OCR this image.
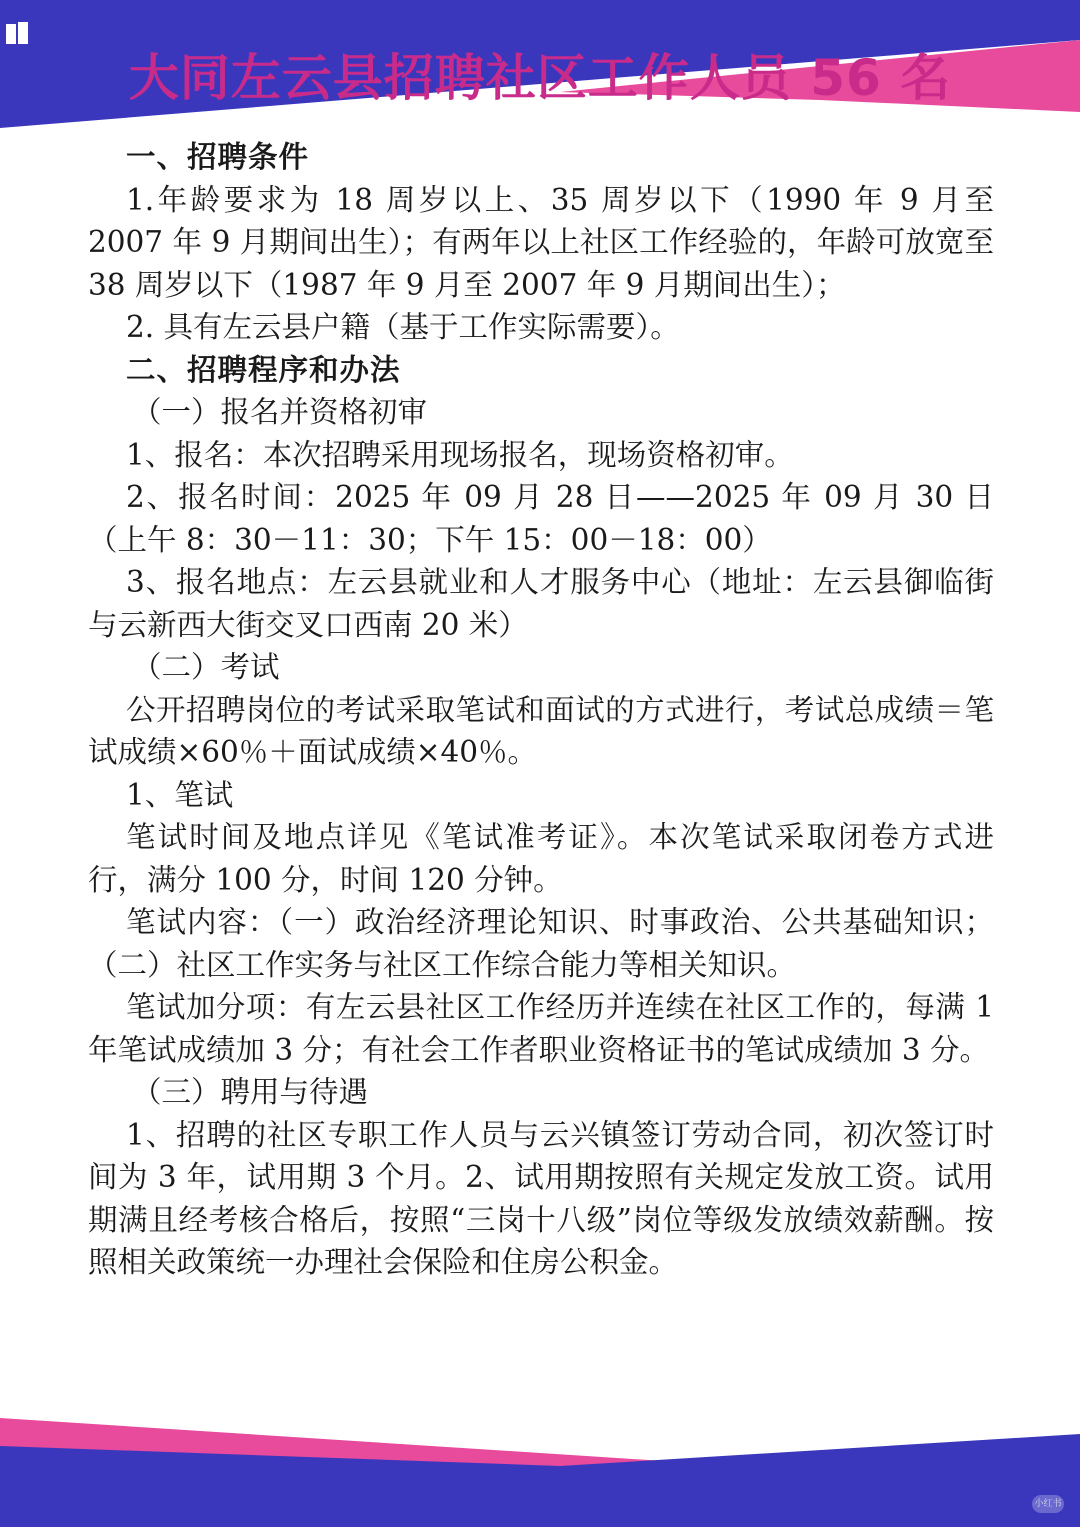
大同左云县招聘社区工作人员 56 名

一、招聘条件

1.年龄要求为 18 周岁以上、35 周岁以下（1990 年 9 月至 2007 年 9 月期间出生）；有两年以上社区工作经验的，年龄可放宽至 38 周岁以下（1987 年 9 月至 2007 年 9 月期间出生）；

2. 具有左云县户籍（基于工作实际需要）。

二、招聘程序和办法

（一）报名并资格初审

1、报名：本次招聘采用现场报名，现场资格初审。

2、报名时间：2025 年 09 月 28 日——2025 年 09 月 30 日（上午 8：30－11：30；下午 15：00－18：00）

3、报名地点：左云县就业和人才服务中心（地址：左云县御临街与云新西大街交叉口西南 20 米）

（二）考试

公开招聘岗位的考试采取笔试和面试的方式进行，考试总成绩＝笔试成绩×60％＋面试成绩×40％。

1、笔试

笔试时间及地点详见《笔试准考证》。本次笔试采取闭卷方式进行，满分 100 分，时间 120 分钟。

笔试内容：（一）政治经济理论知识、时事政治、公共基础知识；（二）社区工作实务与社区工作综合能力等相关知识。

笔试加分项：有左云县社区工作经历并连续在社区工作的，每满 1 年笔试成绩加 3 分；有社会工作者职业资格证书的笔试成绩加 3 分。

（三）聘用与待遇

1、招聘的社区专职工作人员与云兴镇签订劳动合同，初次签订时间为 3 年，试用期 3 个月。2、试用期按照有关规定发放工资。试用期满且经考核合格后，按照“三岗十八级”岗位等级发放绩效薪酬。按照相关政策统一办理社会保险和住房公积金。

小红书
